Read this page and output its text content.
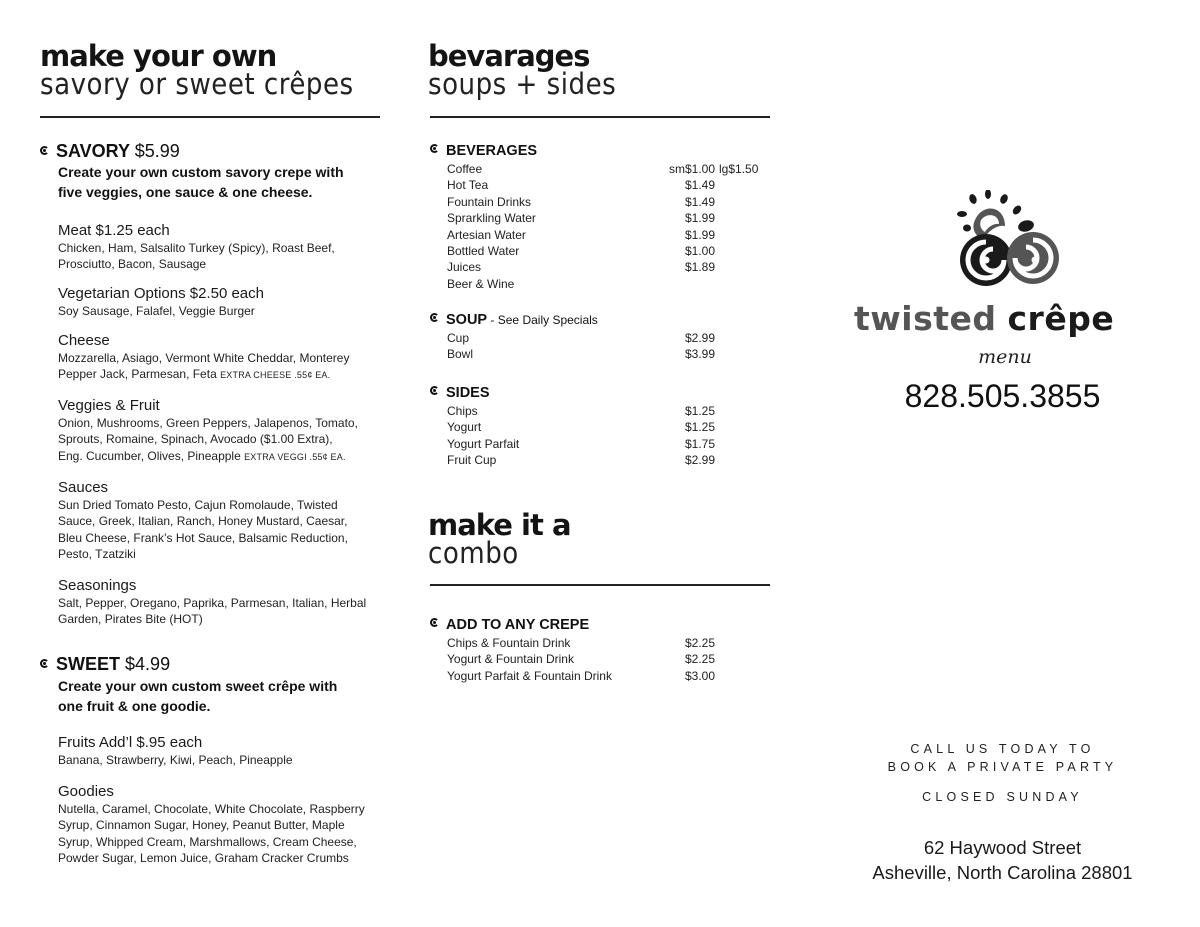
make your own
savory or sweet crêpes
SAVORY $5.99
Create your own custom savory crepe with
five veggies, one sauce & one cheese.
Meat $1.25 each
Chicken, Ham, Salsalito Turkey (Spicy), Roast Beef,
Prosciutto, Bacon, Sausage
Vegetarian Options $2.50 each
Soy Sausage, Falafel, Veggie Burger
Cheese
Mozzarella, Asiago, Vermont White Cheddar, Monterey
Pepper Jack, Parmesan, Feta EXTRA CHEESE .55¢ EA.
Veggies & Fruit
Onion, Mushrooms, Green Peppers, Jalapenos, Tomato,
Sprouts, Romaine, Spinach, Avocado ($1.00 Extra),
Eng. Cucumber, Olives, Pineapple EXTRA VEGGI .55¢ EA.
Sauces
Sun Dried Tomato Pesto, Cajun Romolaude, Twisted
Sauce, Greek, Italian, Ranch, Honey Mustard, Caesar,
Bleu Cheese, Frank’s Hot Sauce, Balsamic Reduction,
Pesto, Tzatziki
Seasonings
Salt, Pepper, Oregano, Paprika, Parmesan, Italian, Herbal
Garden, Pirates Bite (HOT)
SWEET $4.99
Create your own custom sweet crêpe with
one fruit & one goodie.
Fruits Add’l $.95 each
Banana, Strawberry, Kiwi, Peach, Pineapple
Goodies
Nutella, Caramel, Chocolate, White Chocolate, Raspberry
Syrup, Cinnamon Sugar, Honey, Peanut Butter, Maple
Syrup, Whipped Cream, Marshmallows, Cream Cheese,
Powder Sugar, Lemon Juice, Graham Cracker Crumbs
bevarages
soups + sides
BEVERAGES
Coffee	sm$1.00 lg$1.50
Hot Tea	$1.49
Fountain Drinks	$1.49
Sprarkling Water	$1.99
Artesian Water	$1.99
Bottled Water	$1.00
Juices	$1.89
Beer & Wine
SOUP - See Daily Specials
Cup	$2.99
Bowl	$3.99
SIDES
Chips	$1.25
Yogurt	$1.25
Yogurt Parfait	$1.75
Fruit Cup	$2.99
make it a
combo
ADD TO ANY CREPE
Chips & Fountain Drink	$2.25
Yogurt & Fountain Drink	$2.25
Yogurt Parfait & Fountain Drink	$3.00
twisted crêpe
menu
828.505.3855
CALL US TODAY TO
BOOK A PRIVATE PARTY
CLOSED SUNDAY
62 Haywood Street
Asheville, North Carolina 28801
